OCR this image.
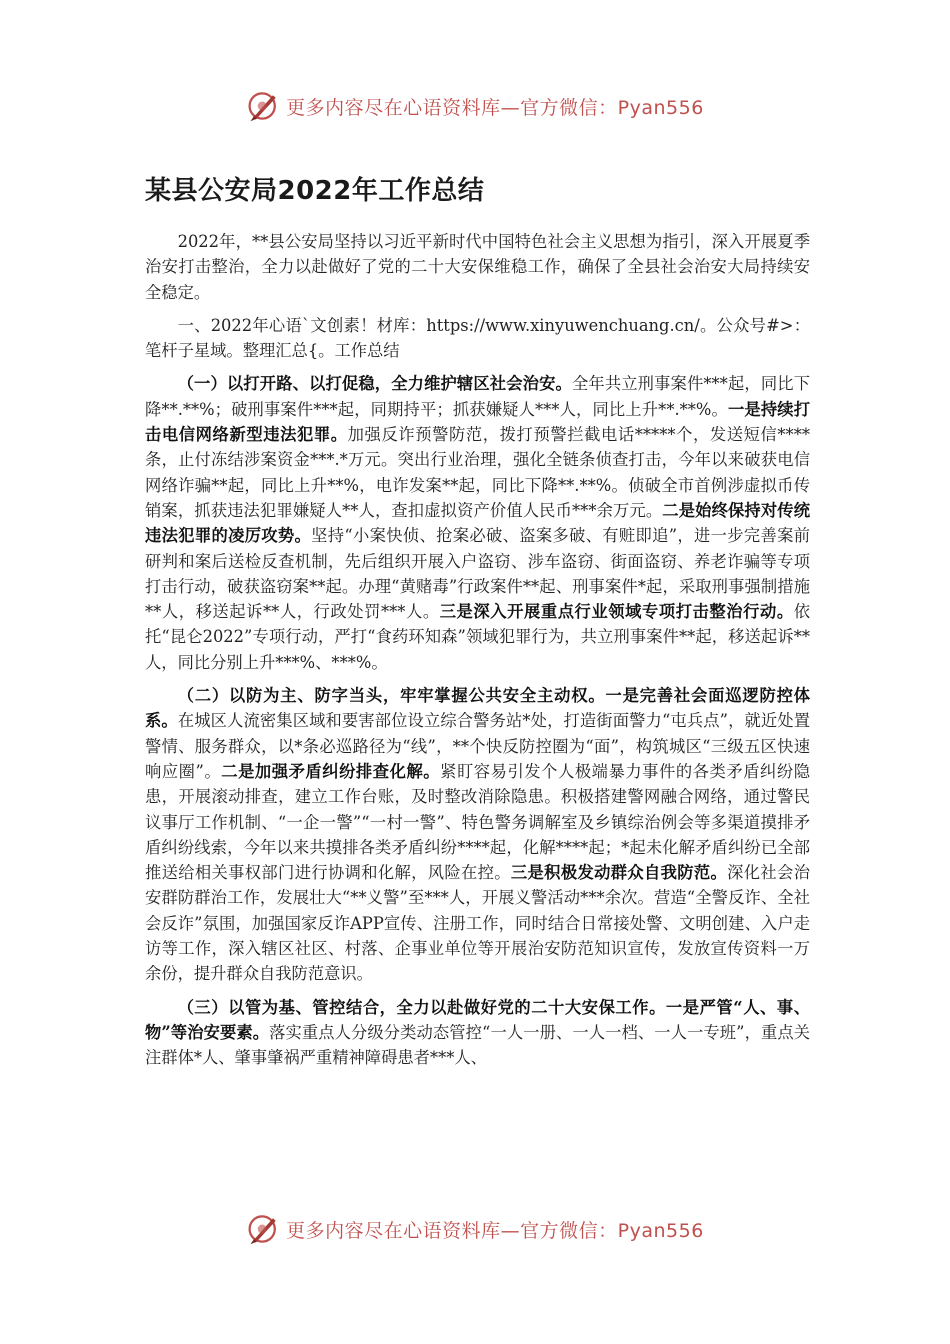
更多内容尽在心语资料库—官方微信：Pyan556
某县公安局2022年工作总结

2022年，**县公安局坚持以习近平新时代中国特色社会主义思想为指引，深入开展夏季治安打击整治，全力以赴做好了党的二十大安保维稳工作，确保了全县社会治安大局持续安全稳定。

一、2022年心语`文创素！材库：https://www.xinyuwenchuang.cn/。公众号#>：笔杆子星域。整理汇总{。工作总结

（一）以打开路、以打促稳，全力维护辖区社会治安。全年共立刑事案件***起，同比下降**.**%；破刑事案件***起，同期持平；抓获嫌疑人***人，同比上升**.**%。一是持续打击电信网络新型违法犯罪。加强反诈预警防范，拨打预警拦截电话*****个，发送短信****条，止付冻结涉案资金***.*万元。突出行业治理，强化全链条侦查打击，今年以来破获电信网络诈骗**起，同比上升**%，电诈发案**起，同比下降**.**%。侦破全市首例涉虚拟币传销案，抓获违法犯罪嫌疑人**人，查扣虚拟资产价值人民币***余万元。二是始终保持对传统违法犯罪的凌厉攻势。坚持“小案快侦、抢案必破、盗案多破、有赃即追”，进一步完善案前研判和案后送检反查机制，先后组织开展入户盗窃、涉车盗窃、街面盗窃、养老诈骗等专项打击行动，破获盗窃案**起。办理“黄赌毒”行政案件**起、刑事案件*起，采取刑事强制措施**人，移送起诉**人，行政处罚***人。三是深入开展重点行业领域专项打击整治行动。依托“昆仑2022”专项行动，严打“食药环知森”领域犯罪行为，共立刑事案件**起，移送起诉**人，同比分别上升***%、***%。

（二）以防为主、防字当头，牢牢掌握公共安全主动权。一是完善社会面巡逻防控体系。在城区人流密集区域和要害部位设立综合警务站*处，打造街面警力“屯兵点”，就近处置警情、服务群众，以*条必巡路径为“线”，**个快反防控圈为“面”，构筑城区“三级五区快速响应圈”。二是加强矛盾纠纷排查化解。紧盯容易引发个人极端暴力事件的各类矛盾纠纷隐患，开展滚动排查，建立工作台账，及时整改消除隐患。积极搭建警网融合网络，通过警民议事厅工作机制、“一企一警”“一村一警”、特色警务调解室及乡镇综治例会等多渠道摸排矛盾纠纷线索，今年以来共摸排各类矛盾纠纷****起，化解****起；*起未化解矛盾纠纷已全部推送给相关事权部门进行协调和化解，风险在控。三是积极发动群众自我防范。深化社会治安群防群治工作，发展壮大“**义警”至***人，开展义警活动***余次。营造“全警反诈、全社会反诈”氛围，加强国家反诈APP宣传、注册工作，同时结合日常接处警、文明创建、入户走访等工作，深入辖区社区、村落、企事业单位等开展治安防范知识宣传，发放宣传资料一万余份，提升群众自我防范意识。

（三）以管为基、管控结合，全力以赴做好党的二十大安保工作。一是严管“人、事、物”等治安要素。落实重点人分级分类动态管控“一人一册、一人一档、一人一专班”，重点关注群体*人、肇事肇祸严重精神障碍患者***人、

更多内容尽在心语资料库—官方微信：Pyan556
